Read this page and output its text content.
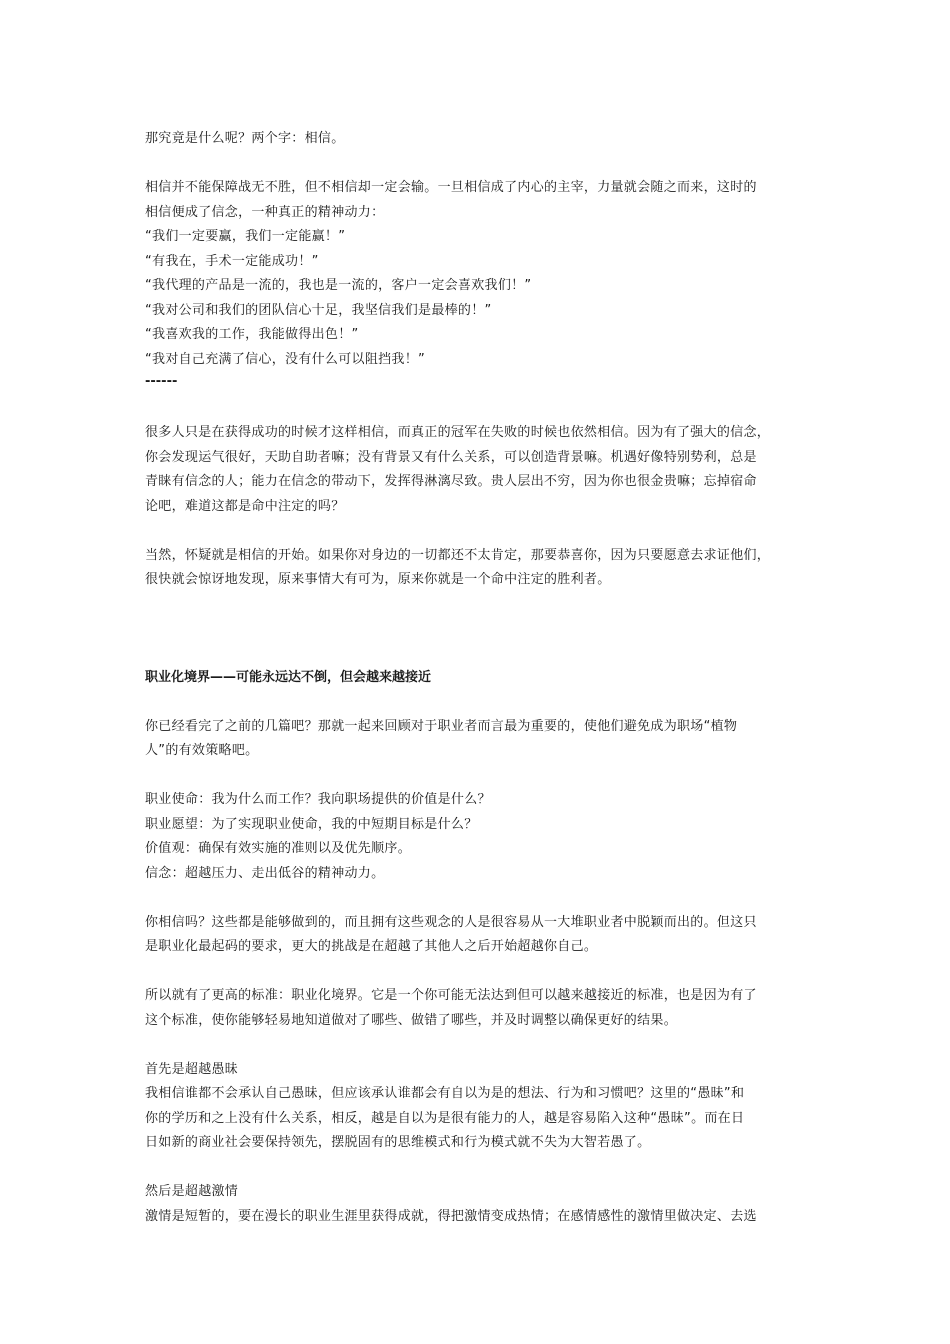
那究竟是什么呢？两个字：相信。
相信并不能保障战无不胜，但不相信却一定会输。一旦相信成了内心的主宰，力量就会随之而来，这时的
相信便成了信念，一种真正的精神动力：
“我们一定要赢，我们一定能赢！”
“有我在，手术一定能成功！”
“我代理的产品是一流的，我也是一流的，客户一定会喜欢我们！”
“我对公司和我们的团队信心十足，我坚信我们是最棒的！”
“我喜欢我的工作，我能做得出色！”
“我对自己充满了信心，没有什么可以阻挡我！”
------
很多人只是在获得成功的时候才这样相信，而真正的冠军在失败的时候也依然相信。因为有了强大的信念，
你会发现运气很好，天助自助者嘛；没有背景又有什么关系，可以创造背景嘛。机遇好像特别势利，总是
青睐有信念的人；能力在信念的带动下，发挥得淋漓尽致。贵人层出不穷，因为你也很金贵嘛；忘掉宿命
论吧，难道这都是命中注定的吗？
当然，怀疑就是相信的开始。如果你对身边的一切都还不太肯定，那要恭喜你，因为只要愿意去求证他们，
很快就会惊讶地发现，原来事情大有可为，原来你就是一个命中注定的胜利者。
职业化境界——可能永远达不倒，但会越来越接近
你已经看完了之前的几篇吧？那就一起来回顾对于职业者而言最为重要的，使他们避免成为职场“植物
人”的有效策略吧。
职业使命：我为什么而工作？我向职场提供的价值是什么？
职业愿望：为了实现职业使命，我的中短期目标是什么？
价值观：确保有效实施的准则以及优先顺序。
信念：超越压力、走出低谷的精神动力。
你相信吗？这些都是能够做到的，而且拥有这些观念的人是很容易从一大堆职业者中脱颖而出的。但这只
是职业化最起码的要求，更大的挑战是在超越了其他人之后开始超越你自己。
所以就有了更高的标准：职业化境界。它是一个你可能无法达到但可以越来越接近的标准，也是因为有了
这个标准，使你能够轻易地知道做对了哪些、做错了哪些，并及时调整以确保更好的结果。
首先是超越愚昧
我相信谁都不会承认自己愚昧，但应该承认谁都会有自以为是的想法、行为和习惯吧？这里的“愚昧”和
你的学历和之上没有什么关系，相反，越是自以为是很有能力的人，越是容易陷入这种“愚昧”。而在日
日如新的商业社会要保持领先，摆脱固有的思维模式和行为模式就不失为大智若愚了。
然后是超越激情
激情是短暂的，要在漫长的职业生涯里获得成就，得把激情变成热情；在感情感性的激情里做决定、去选
